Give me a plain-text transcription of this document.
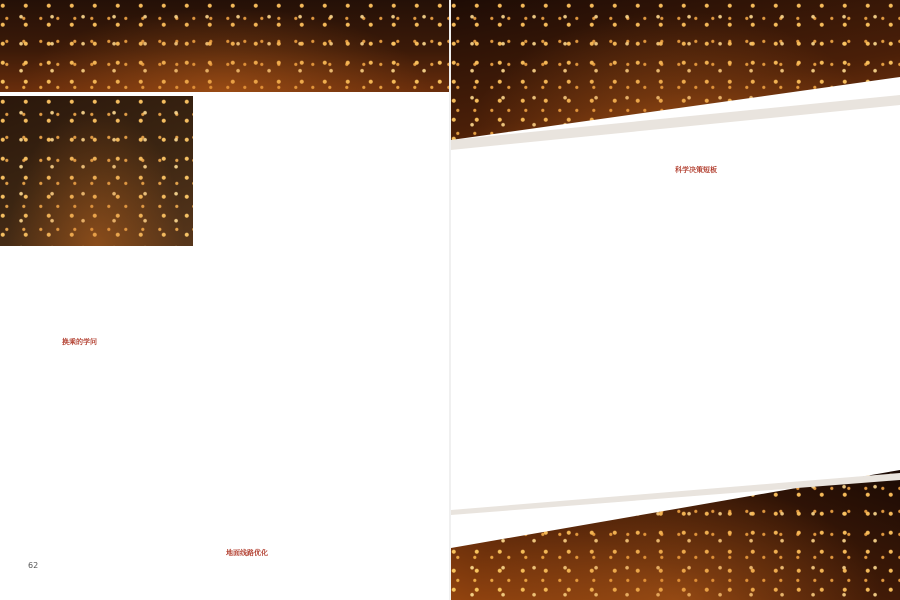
换乘的学问

地面线路优化

科学决策短板

62
